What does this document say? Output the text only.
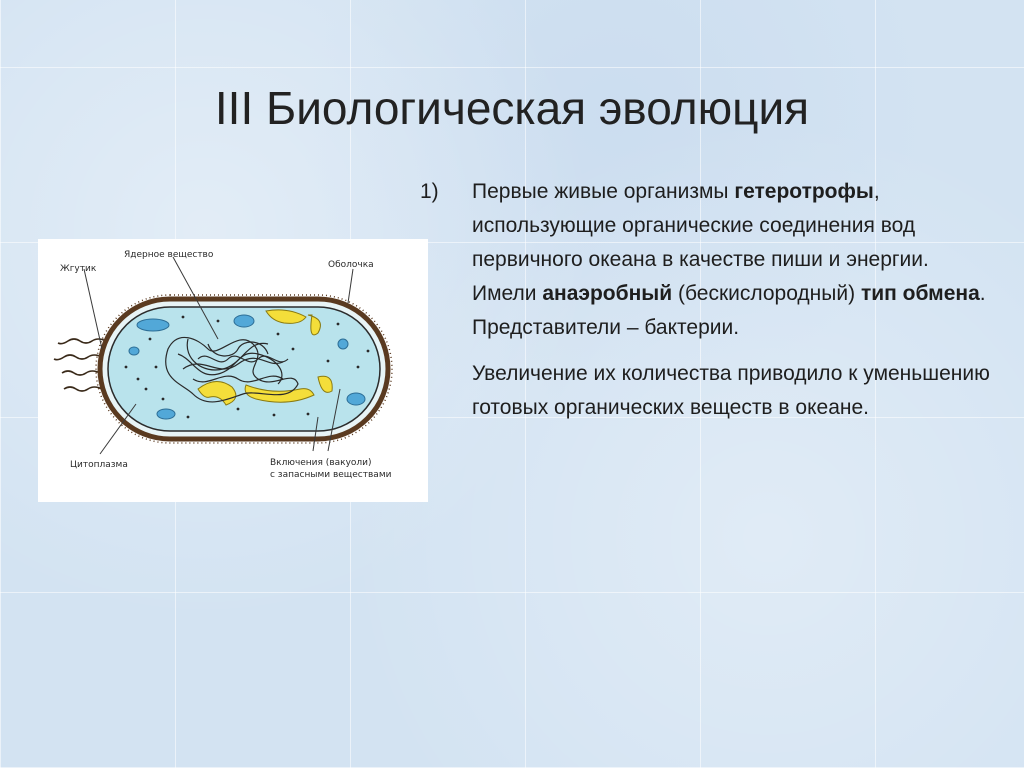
III Биологическая эволюция
Жгутик
Ядерное вещество
Оболочка
Цитоплазма	Включения (вакуоли)
с запасными веществами
1)	Первые живые организмы гетеротрофы, использующие органические соединения вод первичного океана в качестве пиши и энергии. Имели анаэробный (бескислородный) тип обмена. Представители – бактерии.
Увеличение их количества приводило к уменьшению готовых органических веществ в океане.
